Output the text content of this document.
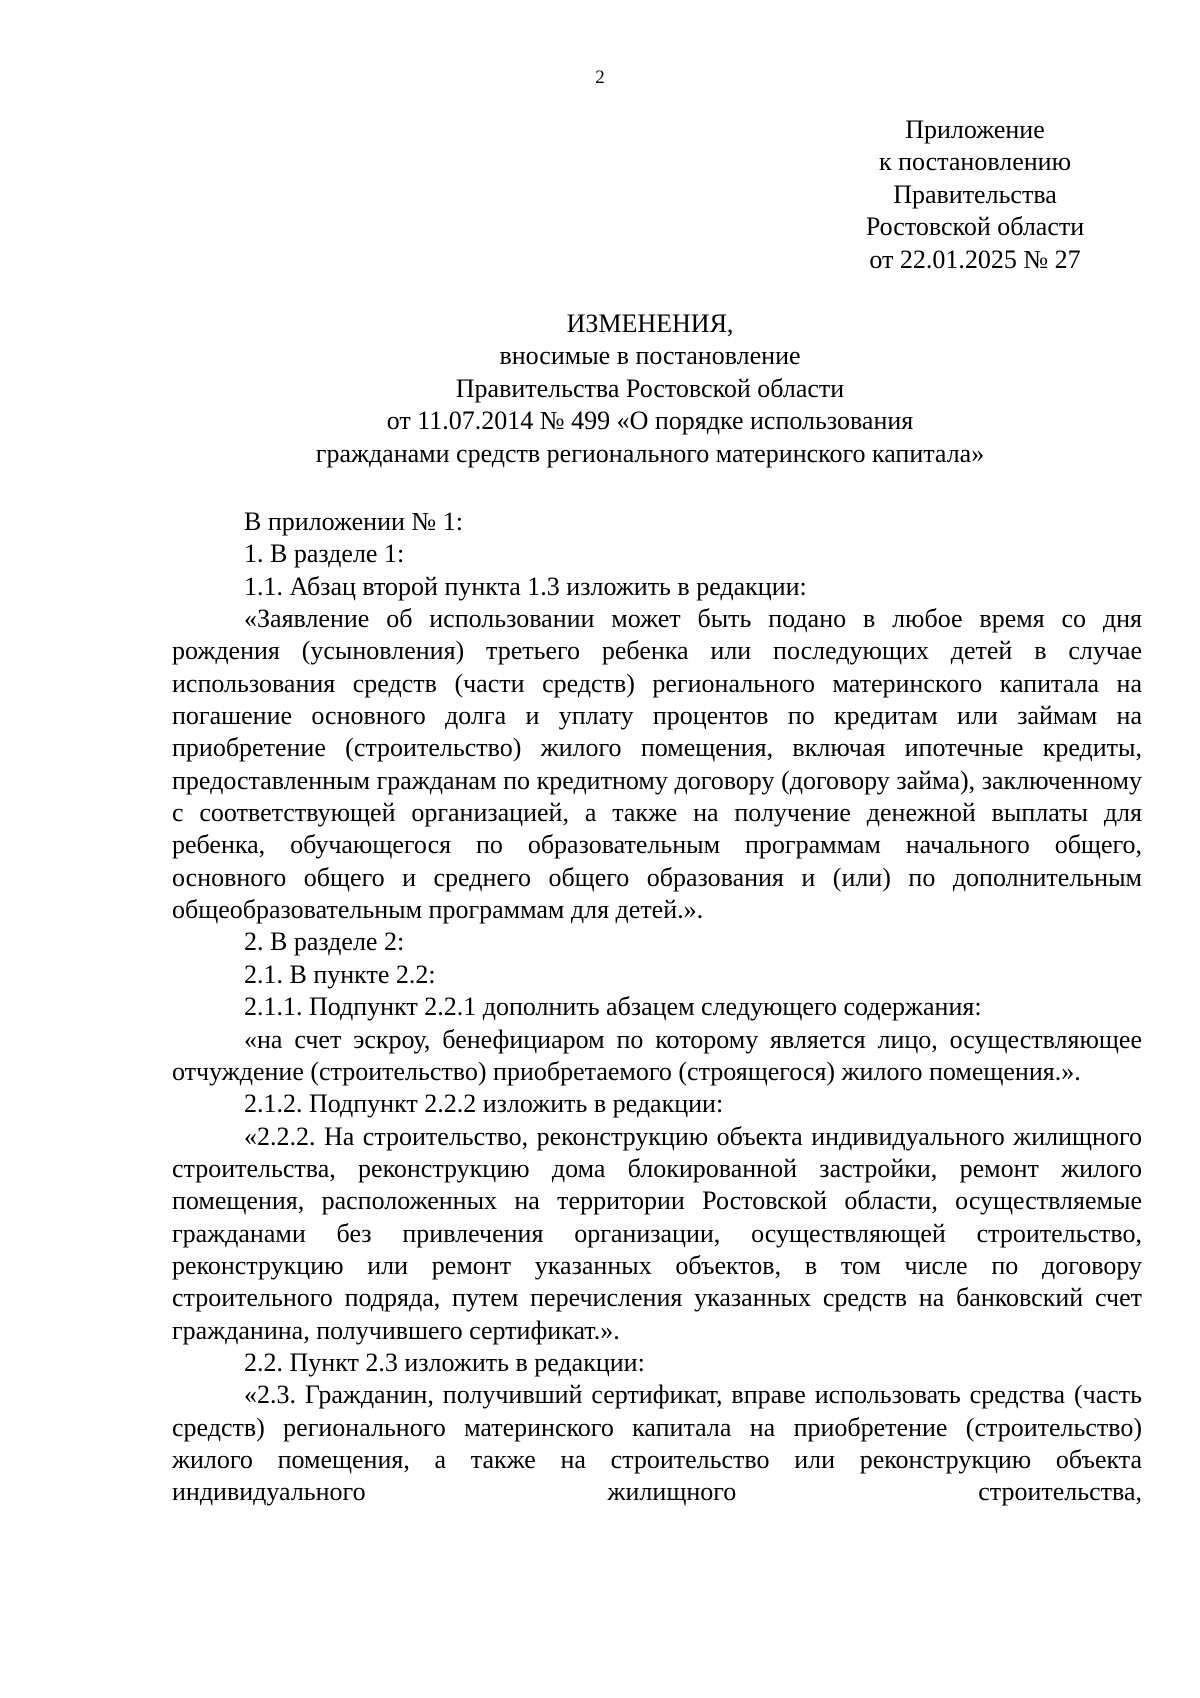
2
Приложение
к постановлению
Правительства
Ростовской области
от 22.01.2025 № 27
ИЗМЕНЕНИЯ,
вносимые в постановление
Правительства Ростовской области
от 11.07.2014 № 499 «О порядке использования
гражданами средств регионального материнского капитала»

В приложении № 1:

1. В разделе 1:

1.1. Абзац второй пункта 1.3 изложить в редакции:

«Заявление об использовании может быть подано в любое время со дня рождения (усыновления) третьего ребенка или последующих детей в случае использования средств (части средств) регионального материнского капитала на погашение основного долга и уплату процентов по кредитам или займам на приобретение (строительство) жилого помещения, включая ипотечные кредиты, предоставленным гражданам по кредитному договору (договору займа), заключенному с соответствующей организацией, а также на получение денежной выплаты для ребенка, обучающегося по образовательным программам начального общего, основного общего и среднего общего образования и (или) по дополнительным общеобразовательным программам для детей.».

2. В разделе 2:

2.1. В пункте 2.2:

2.1.1. Подпункт 2.2.1 дополнить абзацем следующего содержания:

«на счет эскроу, бенефициаром по которому является лицо, осуществляющее отчуждение (строительство) приобретаемого (строящегося) жилого помещения.».

2.1.2. Подпункт 2.2.2 изложить в редакции:

«2.2.2. На строительство, реконструкцию объекта индивидуального жилищного строительства, реконструкцию дома блокированной застройки, ремонт жилого помещения, расположенных на территории Ростовской области, осуществляемые гражданами без привлечения организации, осуществляющей строительство, реконструкцию или ремонт указанных объектов, в том числе по договору строительного подряда, путем перечисления указанных средств на банковский счет гражданина, получившего сертификат.».

2.2. Пункт 2.3 изложить в редакции:

«2.3. Гражданин, получивший сертификат, вправе использовать средства (часть средств) регионального материнского капитала на приобретение (строительство) жилого помещения, а также на строительство или реконструкцию объекта индивидуального жилищного строительства,
